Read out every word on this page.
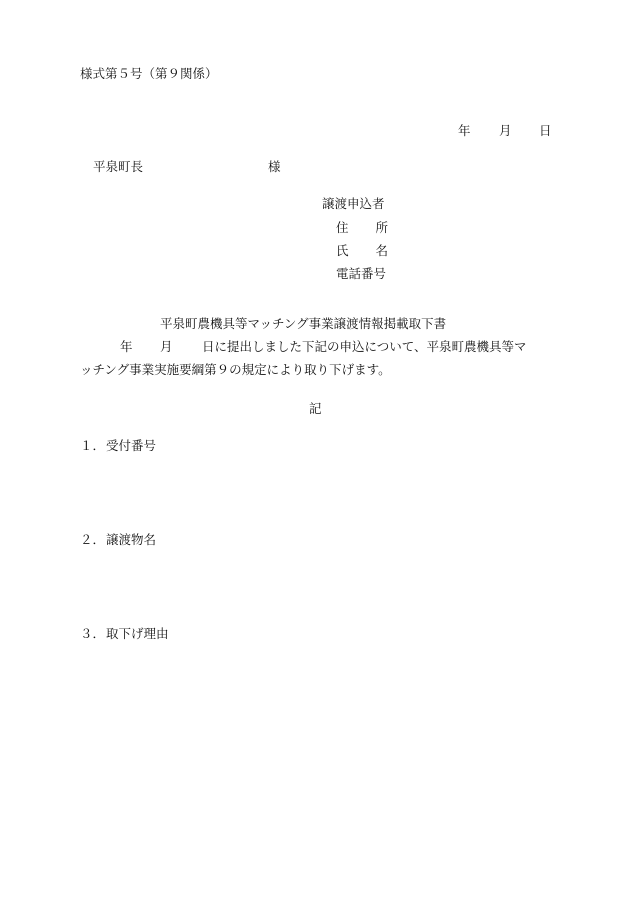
様式第５号（第９関係）
年 月 日
平泉町長	様
譲渡申込者
住 所
氏 名
電話番号
平泉町農機具等マッチング事業譲渡情報掲載取下書
年 月 日に提出しました下記の申込について、平泉町農機具等マ
ッチング事業実施要綱第９の規定により取り下げます。
記
１．受付番号
２．譲渡物名
３．取下げ理由
